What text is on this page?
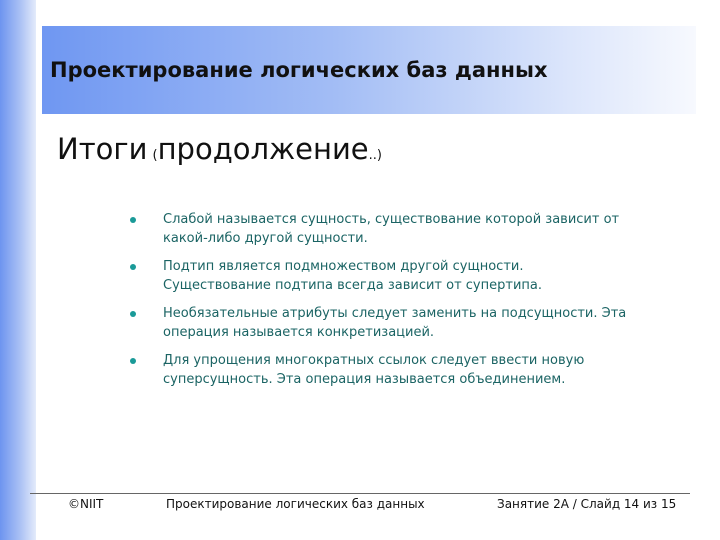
Проектирование логических баз данных
Итоги (продолжение..)
Слабой называется сущность, существование которой зависит от
какой-либо другой сущности.
Подтип является подмножеством другой сущности.
Существование подтипа всегда зависит от супертипа.
Необязательные атрибуты следует заменить на подсущности. Эта
операция называется конкретизацией.
Для упрощения многократных ссылок следует ввести новую
суперсущность. Эта операция называется объединением.
©NIIT	Проектирование логических баз данных	Занятие 2A / Слайд 14 из 15
